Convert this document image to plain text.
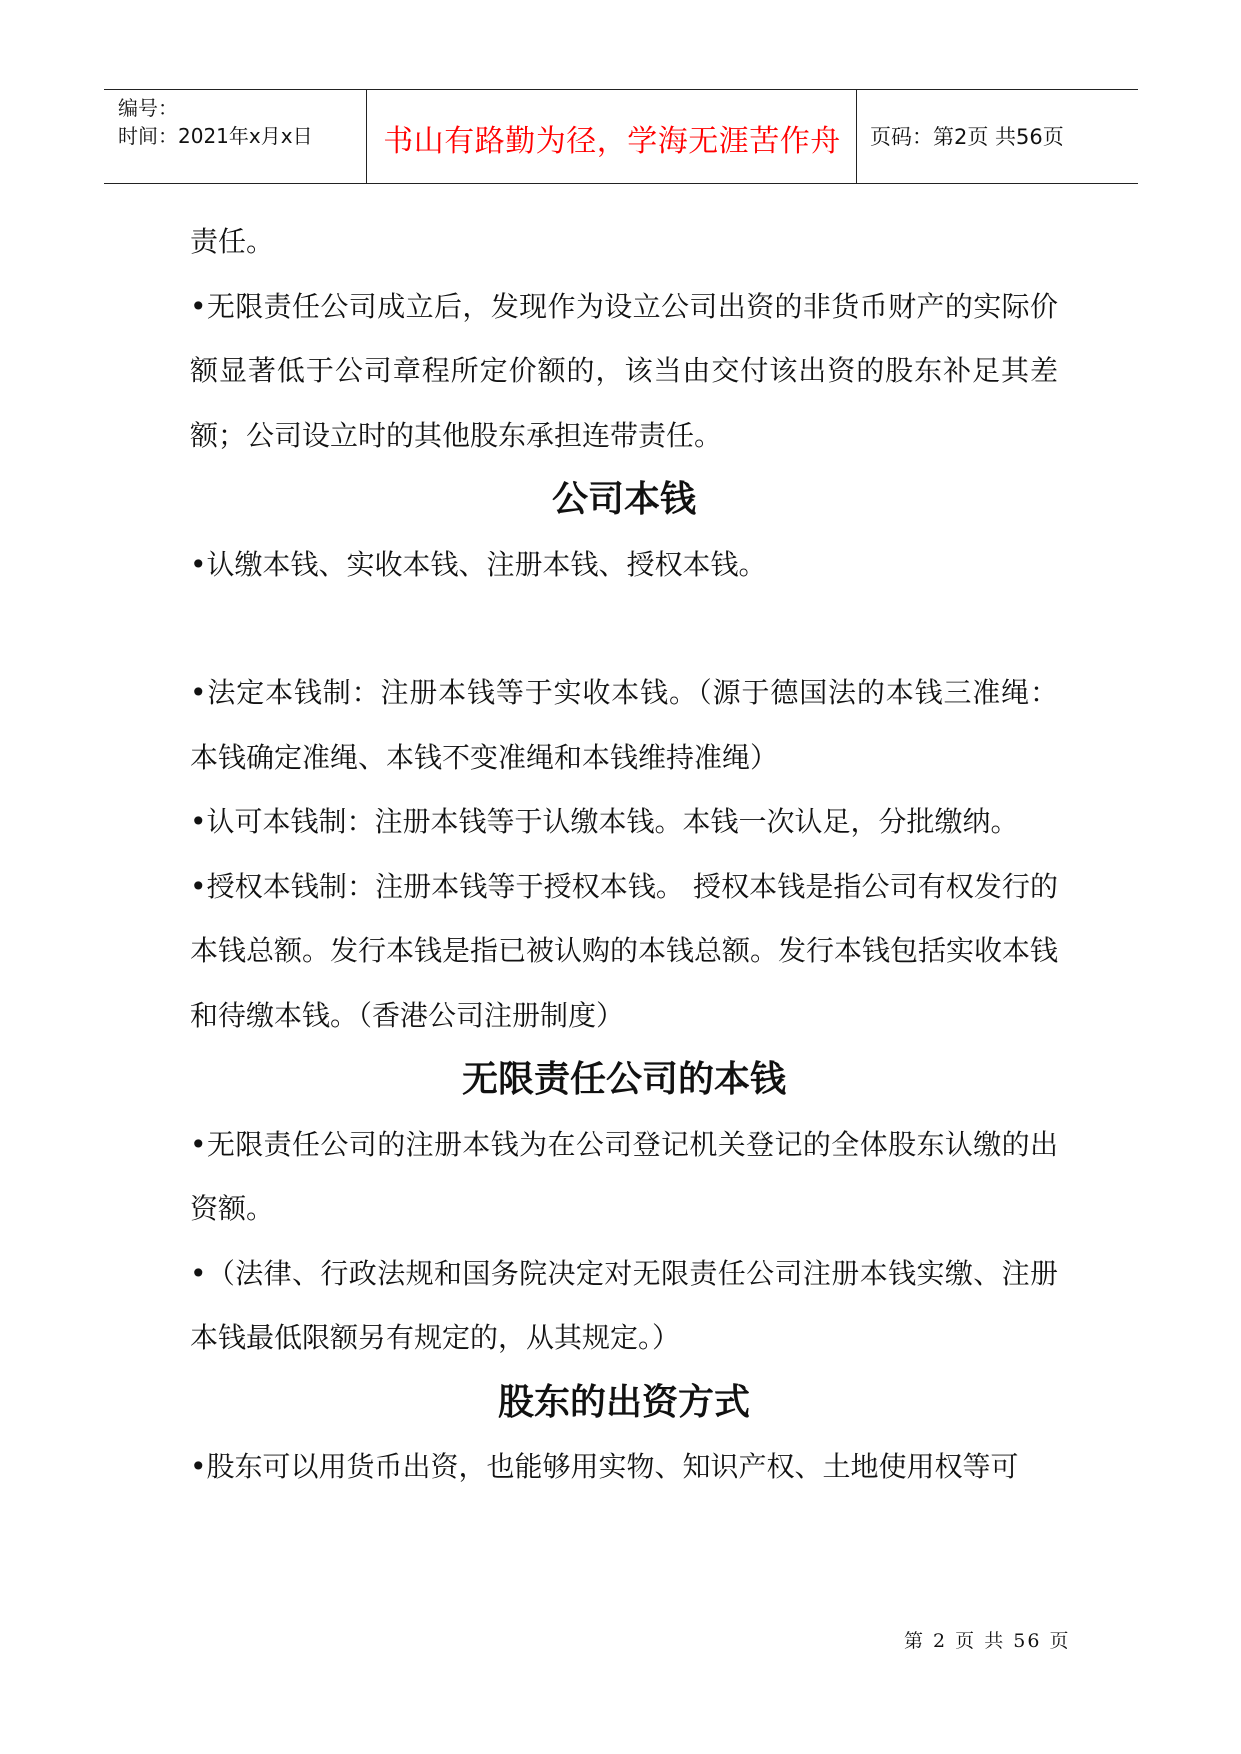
编号：
时间：2021年x月x日	书山有路勤为径，学海无涯苦作舟	页码：第2页 共56页

责任。

•无限责任公司成立后，发现作为设立公司出资的非货币财产的实际价额显著低于公司章程所定价额的，该当由交付该出资的股东补足其差额；公司设立时的其他股东承担连带责任。

公司本钱

•认缴本钱、实收本钱、注册本钱、授权本钱。

•法定本钱制：注册本钱等于实收本钱。（源于德国法的本钱三准绳：本钱确定准绳、本钱不变准绳和本钱维持准绳）

•认可本钱制：注册本钱等于认缴本钱。本钱一次认足，分批缴纳。

•授权本钱制：注册本钱等于授权本钱。 授权本钱是指公司有权发行的本钱总额。发行本钱是指已被认购的本钱总额。发行本钱包括实收本钱和待缴本钱。（香港公司注册制度）

无限责任公司的本钱

•无限责任公司的注册本钱为在公司登记机关登记的全体股东认缴的出资额。

•（法律、行政法规和国务院决定对无限责任公司注册本钱实缴、注册本钱最低限额另有规定的，从其规定。）

股东的出资方式

•股东可以用货币出资，也能够用实物、知识产权、土地使用权等可

第 2 页 共 56 页
